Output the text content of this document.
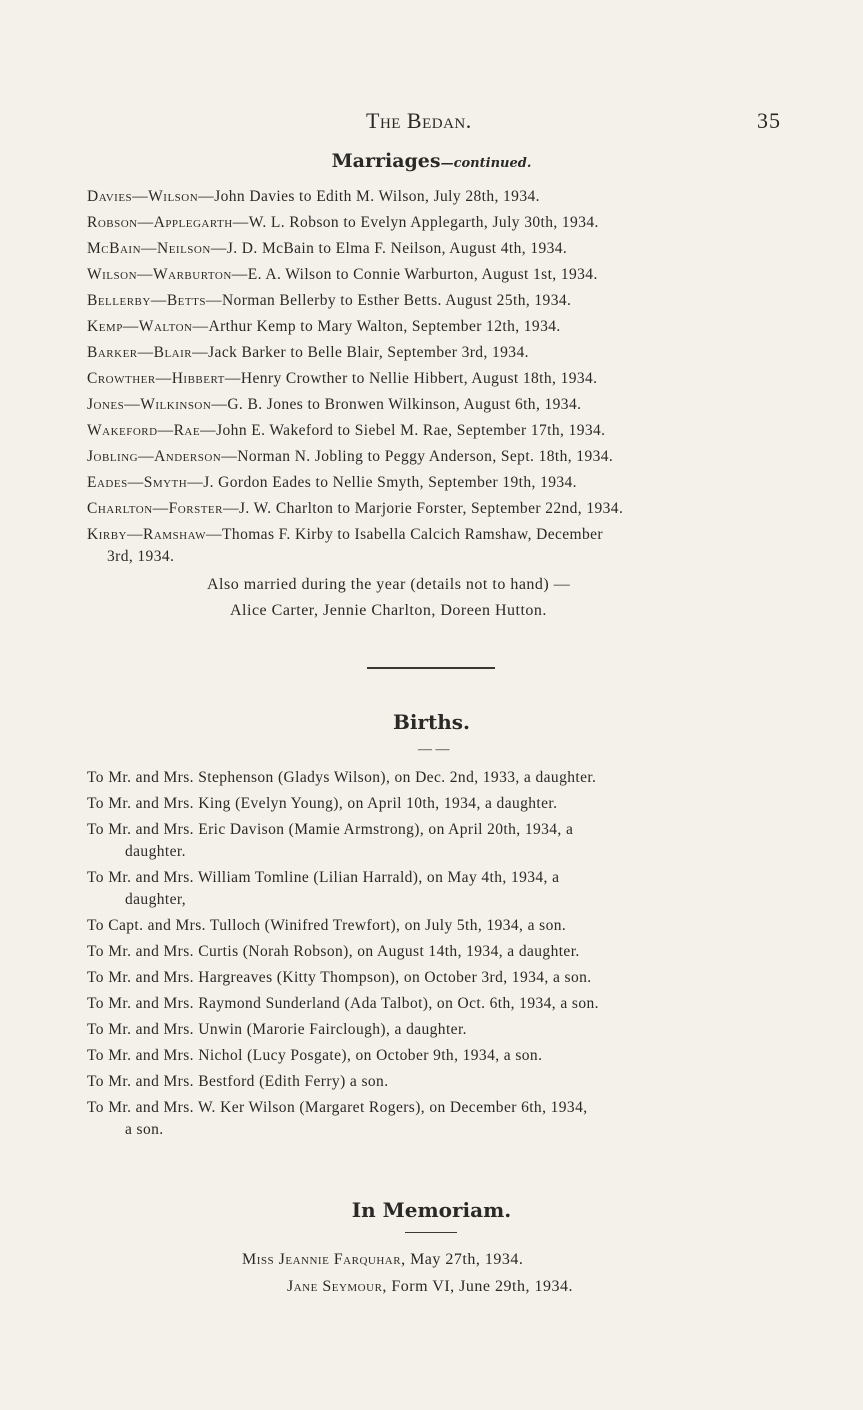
The Bedan.	35
Marriages—continued.
Davies—Wilson—John Davies to Edith M. Wilson, July 28th, 1934.
Robson—Applegarth—W. L. Robson to Evelyn Applegarth, July 30th, 1934.
McBain—Neilson—J. D. McBain to Elma F. Neilson, August 4th, 1934.
Wilson—Warburton—E. A. Wilson to Connie Warburton, August 1st, 1934.
Bellerby—Betts—Norman Bellerby to Esther Betts. August 25th, 1934.
Kemp—Walton—Arthur Kemp to Mary Walton, September 12th, 1934.
Barker—Blair—Jack Barker to Belle Blair, September 3rd, 1934.
Crowther—Hibbert—Henry Crowther to Nellie Hibbert, August 18th, 1934.
Jones—Wilkinson—G. B. Jones to Bronwen Wilkinson, August 6th, 1934.
Wakeford—Rae—John E. Wakeford to Siebel M. Rae, September 17th, 1934.
Jobling—Anderson—Norman N. Jobling to Peggy Anderson, Sept. 18th, 1934.
Eades—Smyth—J. Gordon Eades to Nellie Smyth, September 19th, 1934.
Charlton—Forster—J. W. Charlton to Marjorie Forster, September 22nd, 1934.
Kirby—Ramshaw—Thomas F. Kirby to Isabella Calcich Ramshaw, December
3rd, 1934.
Also married during the year (details not to hand) —
Alice Carter, Jennie Charlton, Doreen Hutton.
Births.
— —
To Mr. and Mrs. Stephenson (Gladys Wilson), on Dec. 2nd, 1933, a daughter.
To Mr. and Mrs. King (Evelyn Young), on April 10th, 1934, a daughter.
To Mr. and Mrs. Eric Davison (Mamie Armstrong), on April 20th, 1934, a
daughter.
To Mr. and Mrs. William Tomline (Lilian Harrald), on May 4th, 1934, a
daughter,
To Capt. and Mrs. Tulloch (Winifred Trewfort), on July 5th, 1934, a son.
To Mr. and Mrs. Curtis (Norah Robson), on August 14th, 1934, a daughter.
To Mr. and Mrs. Hargreaves (Kitty Thompson), on October 3rd, 1934, a son.
To Mr. and Mrs. Raymond Sunderland (Ada Talbot), on Oct. 6th, 1934, a son.
To Mr. and Mrs. Unwin (Marorie Fairclough), a daughter.
To Mr. and Mrs. Nichol (Lucy Posgate), on October 9th, 1934, a son.
To Mr. and Mrs. Bestford (Edith Ferry) a son.
To Mr. and Mrs. W. Ker Wilson (Margaret Rogers), on December 6th, 1934,
a son.
In Memoriam.
Miss Jeannie Farquhar, May 27th, 1934.
Jane Seymour, Form VI, June 29th, 1934.
